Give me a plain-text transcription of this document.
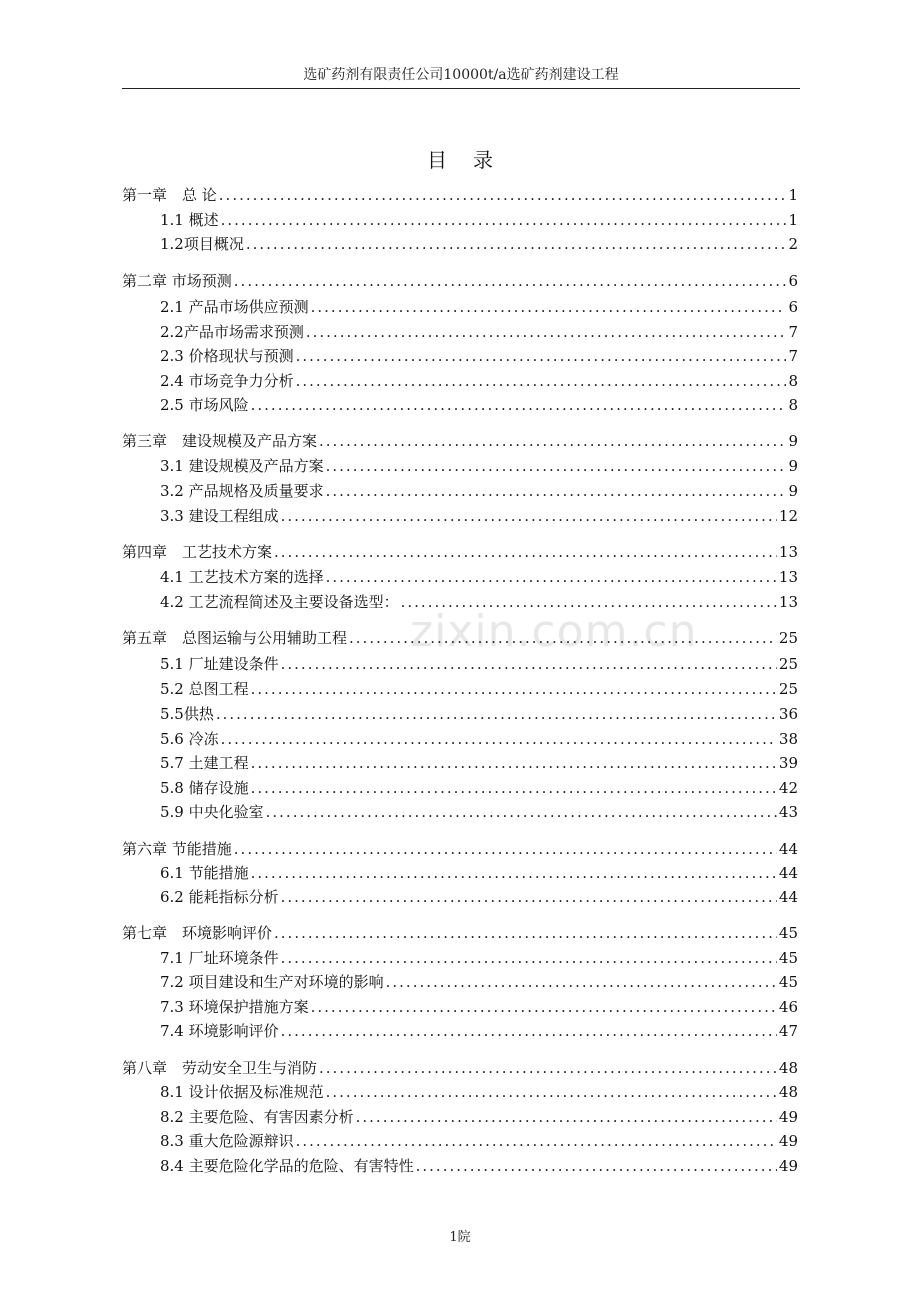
选矿药剂有限责任公司10000t/a选矿药剂建设工程
目录
zixin.com.cn
第一章　总 论 .....	1
1.1 概述 .....	1
1.2项目概况 .....	2
第二章 市场预测 .....	6
2.1 产品市场供应预测 .....	6
2.2产品市场需求预测 .....	7
2.3 价格现状与预测 .....	7
2.4 市场竞争力分析 .....	8
2.5 市场风险 .....	8
第三章　建设规模及产品方案 .....	9
3.1 建设规模及产品方案 .....	9
3.2 产品规格及质量要求 .....	9
3.3 建设工程组成 .....	12
第四章　工艺技术方案 .....	13
4.1 工艺技术方案的选择 .....	13
4.2 工艺流程简述及主要设备选型： .....	13
第五章　总图运输与公用辅助工程 .....	25
5.1 厂址建设条件 .....	25
5.2 总图工程 .....	25
5.5供热 .....	36
5.6 冷冻 .....	38
5.7 土建工程 .....	39
5.8 储存设施 .....	42
5.9 中央化验室 .....	43
第六章 节能措施 .....	44
6.1 节能措施 .....	44
6.2 能耗指标分析 .....	44
第七章　环境影响评价 .....	45
7.1 厂址环境条件 .....	45
7.2 项目建设和生产对环境的影响 .....	45
7.3 环境保护措施方案 .....	46
7.4 环境影响评价 .....	47
第八章　劳动安全卫生与消防 .....	48
8.1 设计依据及标准规范 .....	48
8.2 主要危险、有害因素分析 .....	49
8.3 重大危险源辩识 .....	49
8.4 主要危险化学品的危险、有害特性 .....	49
1院
